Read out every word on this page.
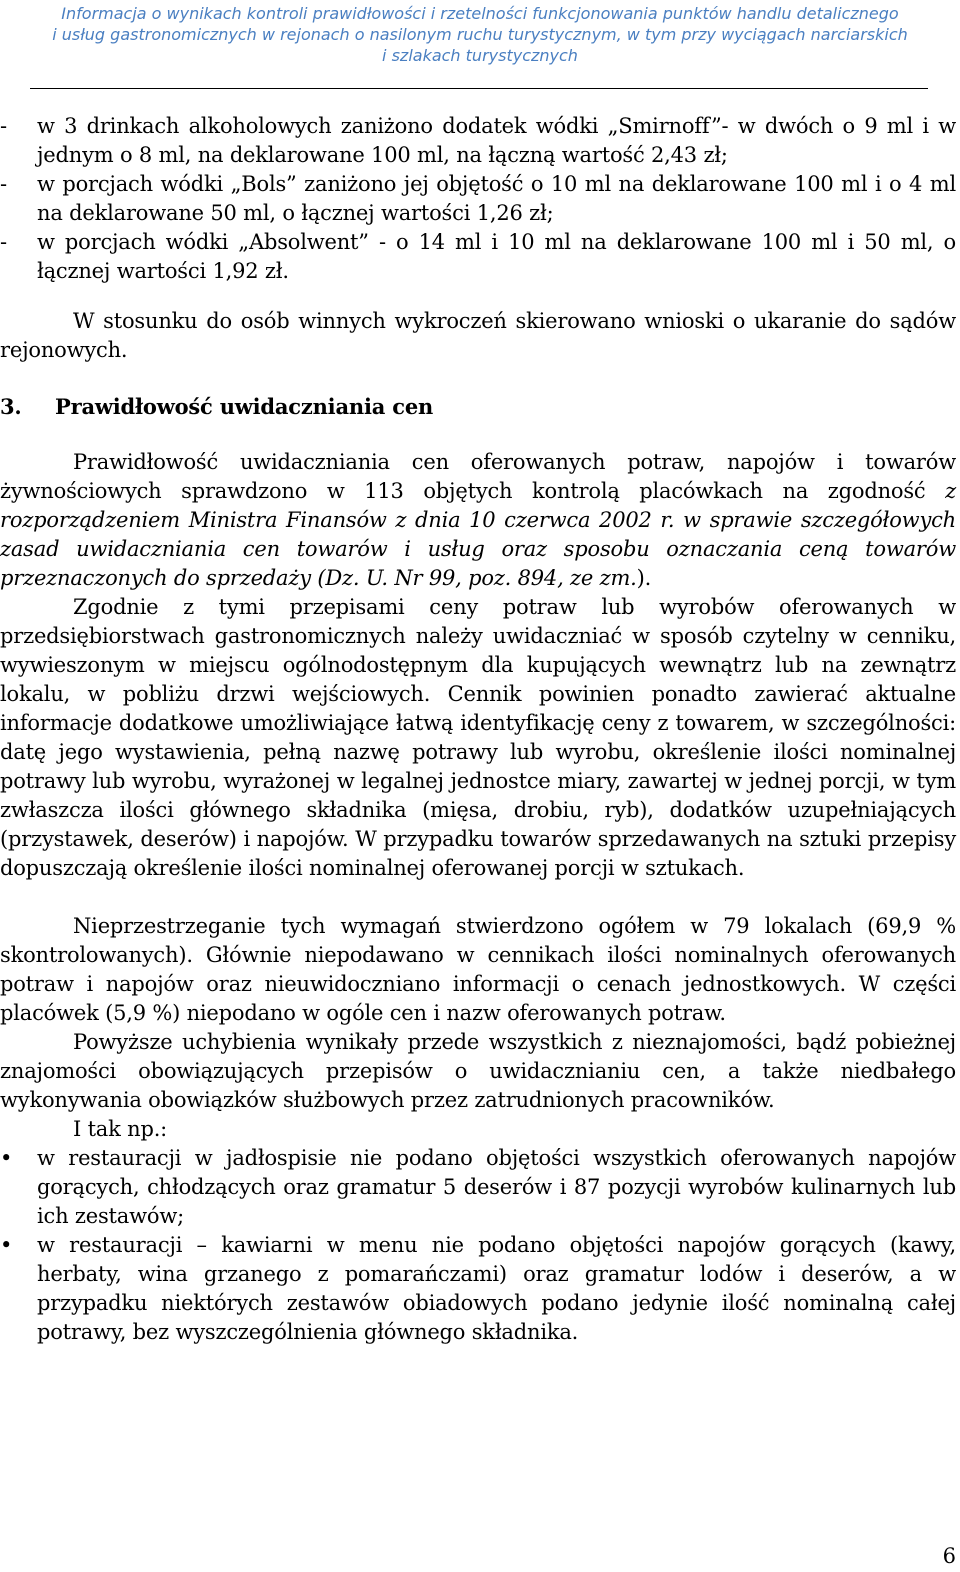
Informacja o wynikach kontroli prawidłowości i rzetelności funkcjonowania punktów handlu detalicznego
i usług gastronomicznych w rejonach o nasilonym ruchu turystycznym, w tym przy wyciągach narciarskich
i szlakach turystycznych
- w 3 drinkach alkoholowych zaniżono dodatek wódki „Smirnoff”- w dwóch o 9 ml i w jednym o 8 ml, na deklarowane 100 ml, na łączną wartość 2,43 zł;
- w porcjach wódki „Bols” zaniżono jej objętość o 10 ml na deklarowane 100 ml i o 4 ml na deklarowane 50 ml, o łącznej wartości 1,26 zł;
- w porcjach wódki „Absolwent” - o 14 ml i 10 ml na deklarowane 100 ml i 50 ml, o łącznej wartości 1,92 zł.

W stosunku do osób winnych wykroczeń skierowano wnioski o ukaranie do sądów rejonowych.

3. Prawidłowość uwidaczniania cen

Prawidłowość uwidaczniania cen oferowanych potraw, napojów i towarów żywnościowych sprawdzono w 113 objętych kontrolą placówkach na zgodność z rozporządzeniem Ministra Finansów z dnia 10 czerwca 2002 r. w sprawie szczegółowych zasad uwidaczniania cen towarów i usług oraz sposobu oznaczania ceną towarów przeznaczonych do sprzedaży (Dz. U. Nr 99, poz. 894, ze zm.).

Zgodnie z tymi przepisami ceny potraw lub wyrobów oferowanych w przedsiębiorstwach gastronomicznych należy uwidaczniać w sposób czytelny w cenniku, wywieszonym w miejscu ogólnodostępnym dla kupujących wewnątrz lub na zewnątrz lokalu, w pobliżu drzwi wejściowych. Cennik powinien ponadto zawierać aktualne informacje dodatkowe umożliwiające łatwą identyfikację ceny z towarem, w szczególności: datę jego wystawienia, pełną nazwę potrawy lub wyrobu, określenie ilości nominalnej potrawy lub wyrobu, wyrażonej w legalnej jednostce miary, zawartej w jednej porcji, w tym zwłaszcza ilości głównego składnika (mięsa, drobiu, ryb), dodatków uzupełniających (przystawek, deserów) i napojów. W przypadku towarów sprzedawanych na sztuki przepisy dopuszczają określenie ilości nominalnej oferowanej porcji w sztukach.

Nieprzestrzeganie tych wymagań stwierdzono ogółem w 79 lokalach (69,9 % skontrolowanych). Głównie niepodawano w cennikach ilości nominalnych oferowanych potraw i napojów oraz nieuwidoczniano informacji o cenach jednostkowych. W części placówek (5,9 %) niepodano w ogóle cen i nazw oferowanych potraw.

Powyższe uchybienia wynikały przede wszystkich z nieznajomości, bądź pobieżnej znajomości obowiązujących przepisów o uwidacznianiu cen, a także niedbałego wykonywania obowiązków służbowych przez zatrudnionych pracowników.

I tak np.:

• w restauracji w jadłospisie nie podano objętości wszystkich oferowanych napojów gorących, chłodzących oraz gramatur 5 deserów i 87 pozycji wyrobów kulinarnych lub ich zestawów;
• w restauracji – kawiarni w menu nie podano objętości napojów gorących (kawy, herbaty, wina grzanego z pomarańczami) oraz gramatur lodów i deserów, a w przypadku niektórych zestawów obiadowych podano jedynie ilość nominalną całej potrawy, bez wyszczególnienia głównego składnika.
6
